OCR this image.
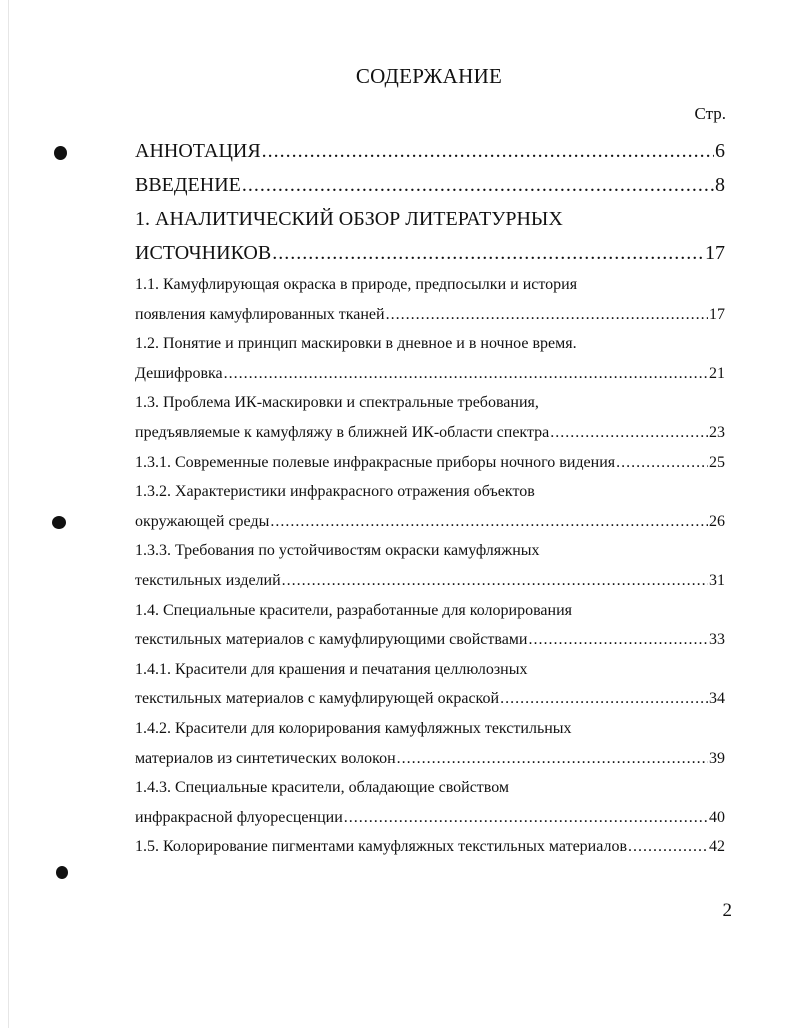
СОДЕРЖАНИЕ
Стр.
АННОТАЦИЯ .....	6
ВВЕДЕНИЕ .....	8
1. АНАЛИТИЧЕСКИЙ ОБЗОР ЛИТЕРАТУРНЫХ
ИСТОЧНИКОВ .....	17
1.1. Камуфлирующая окраска в природе, предпосылки и история
появления камуфлированных тканей .....	17
1.2. Понятие и принцип маскировки в дневное и в ночное время.
Дешифровка .....	21
1.3. Проблема ИК-маскировки и спектральные требования,
предъявляемые к камуфляжу в ближней ИК-области спектра .....	23
1.3.1. Современные полевые инфракрасные приборы ночного видения .....	25
1.3.2. Характеристики инфракрасного отражения объектов
окружающей среды .....	26
1.3.3. Требования по устойчивостям окраски камуфляжных
текстильных изделий .....	31
1.4. Специальные красители, разработанные для колорирования
текстильных материалов с камуфлирующими свойствами .....	33
1.4.1. Красители для крашения и печатания целлюлозных
текстильных материалов с камуфлирующей окраской .....	34
1.4.2. Красители для колорирования камуфляжных текстильных
материалов из синтетических волокон .....	39
1.4.3. Специальные красители, обладающие свойством
инфракрасной флуоресценции .....	40
1.5. Колорирование пигментами камуфляжных текстильных материалов .....	42
2
